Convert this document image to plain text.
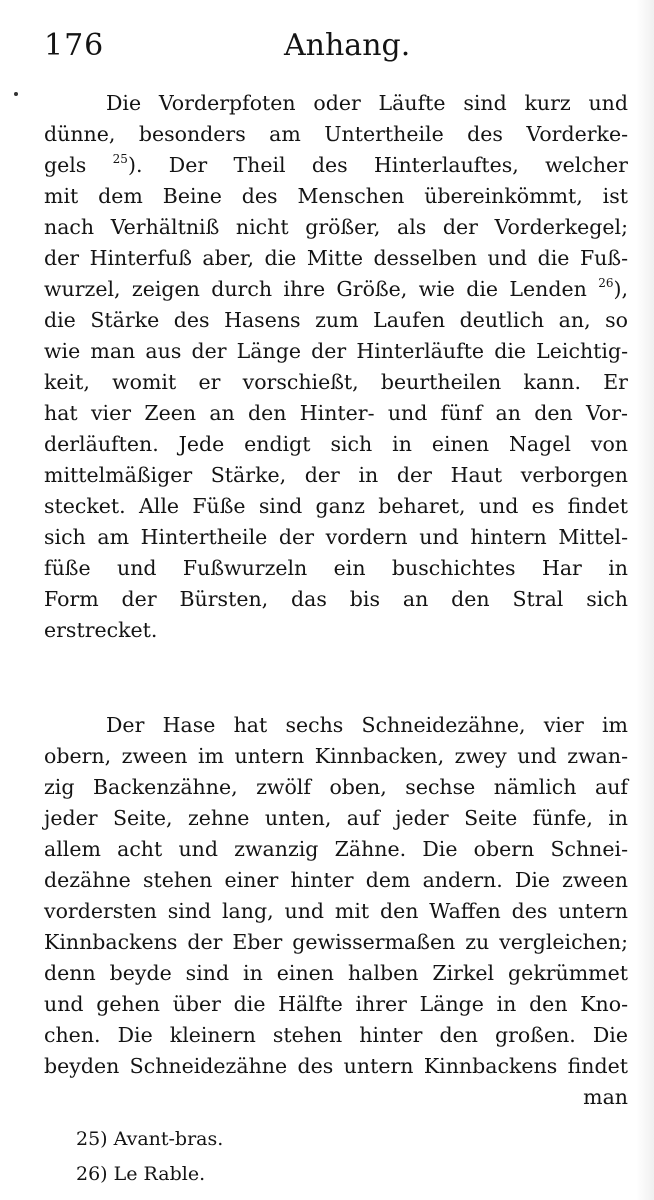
176	Anhang.
Die Vorderpfoten oder Läufte sind kurz und
dünne, besonders am Untertheile des Vorderke-
gels $^{25}$). Der Theil des Hinterlauftes, welcher
mit dem Beine des Menschen übereinkömmt, ist
nach Verhältniß nicht größer, als der Vorderkegel;
der Hinterfuß aber, die Mitte desselben und die Fuß-
wurzel, zeigen durch ihre Größe, wie die Lenden $^{26}$),
die Stärke des Hasens zum Laufen deutlich an, so
wie man aus der Länge der Hinterläufte die Leichtig-
keit, womit er vorschießt, beurtheilen kann. Er
hat vier Zeen an den Hinter- und fünf an den Vor-
derläuften. Jede endigt sich in einen Nagel von
mittelmäßiger Stärke, der in der Haut verborgen
stecket. Alle Füße sind ganz beharet, und es findet
sich am Hintertheile der vordern und hintern Mittel-
füße und Fußwurzeln ein buschichtes Har in
Form der Bürsten, das bis an den Stral sich
erstrecket.
Der Hase hat sechs Schneidezähne, vier im
obern, zween im untern Kinnbacken, zwey und zwan-
zig Backenzähne, zwölf oben, sechse nämlich auf
jeder Seite, zehne unten, auf jeder Seite fünfe, in
allem acht und zwanzig Zähne. Die obern Schnei-
dezähne stehen einer hinter dem andern. Die zween
vordersten sind lang, und mit den Waffen des untern
Kinnbackens der Eber gewissermaßen zu vergleichen;
denn beyde sind in einen halben Zirkel gekrümmet
und gehen über die Hälfte ihrer Länge in den Kno-
chen. Die kleinern stehen hinter den großen. Die
beyden Schneidezähne des untern Kinnbackens findet
man
25) Avant-bras.
26) Le Rable.
